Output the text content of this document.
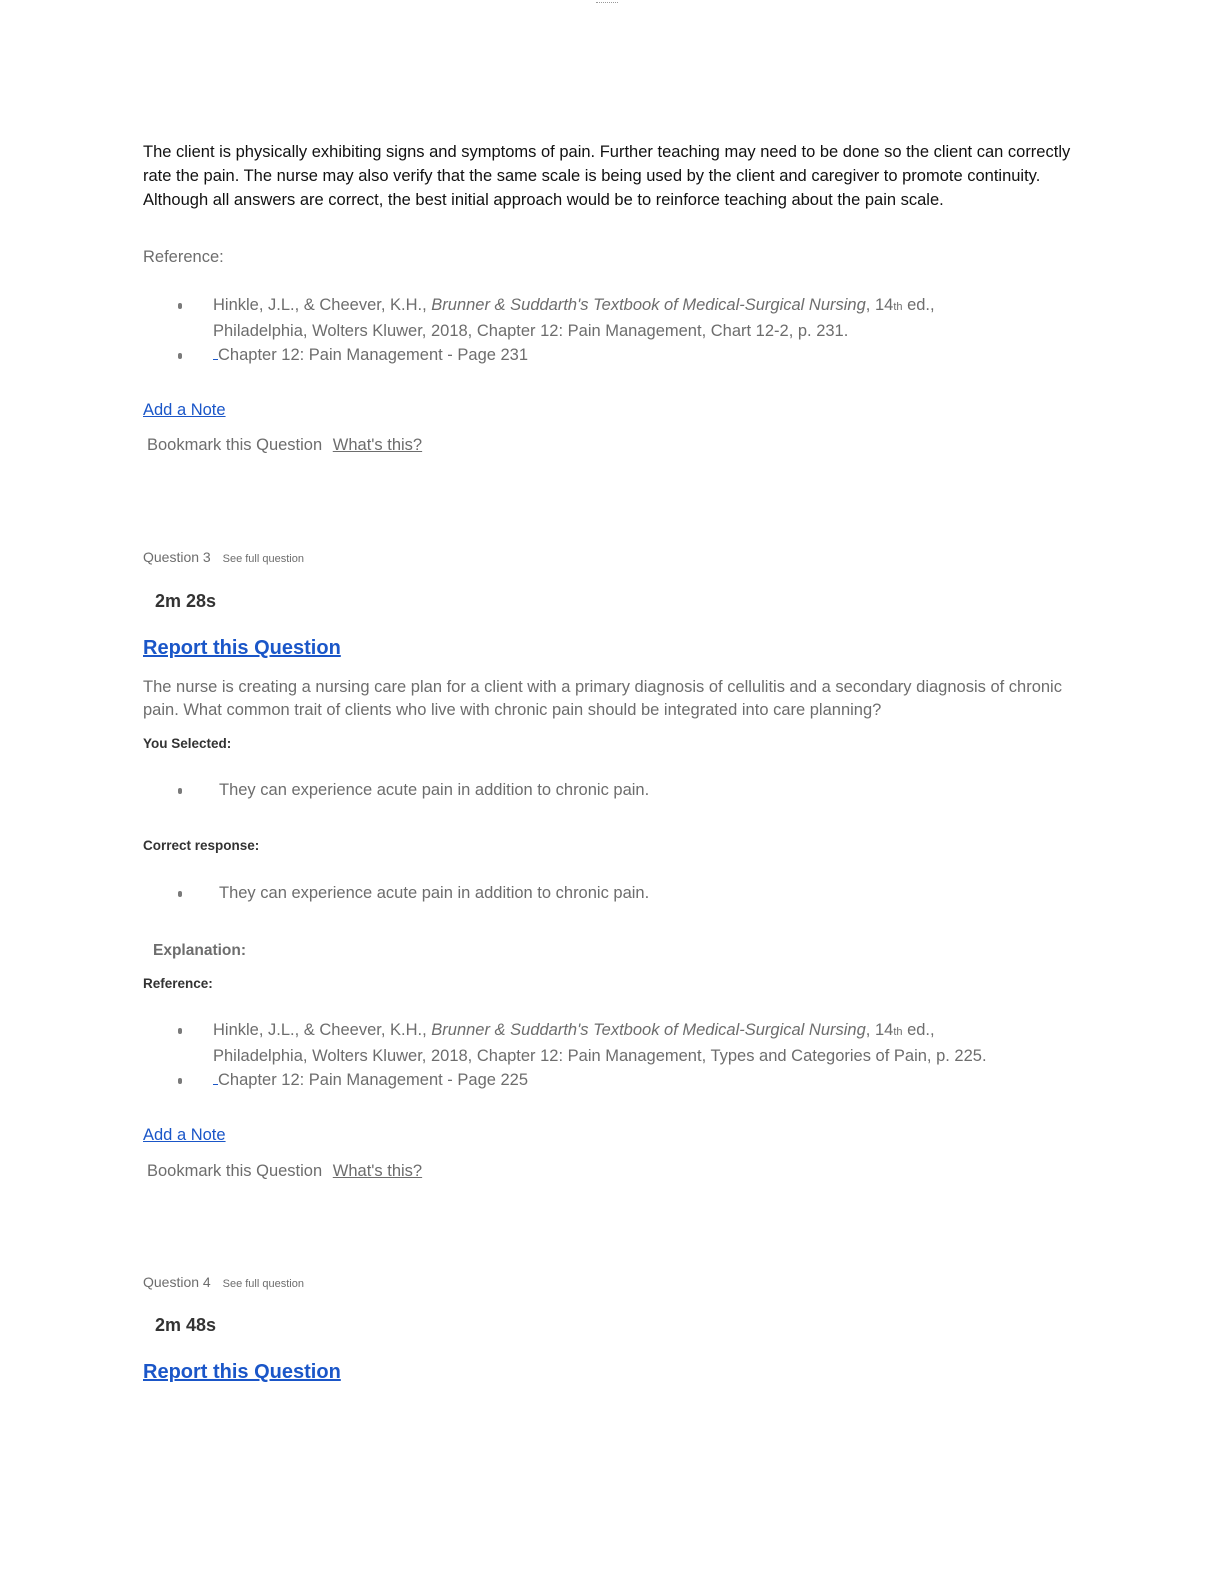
The client is physically exhibiting signs and symptoms of pain. Further teaching may need to be done so the client can correctly rate the pain. The nurse may also verify that the same scale is being used by the client and caregiver to promote continuity. Although all answers are correct, the best initial approach would be to reinforce teaching about the pain scale.
Reference:
Hinkle, J.L., & Cheever, K.H., Brunner & Suddarth's Textbook of Medical-Surgical Nursing, 14th ed.,
Philadelphia, Wolters Kluwer, 2018, Chapter 12: Pain Management, Chart 12-2, p. 231.
Chapter 12: Pain Management - Page 231
Add a Note
Bookmark this Question What's this?
Question 3 See full question
2m 28s
Report this Question
The nurse is creating a nursing care plan for a client with a primary diagnosis of cellulitis and a secondary diagnosis of chronic pain. What common trait of clients who live with chronic pain should be integrated into care planning?
You Selected:
They can experience acute pain in addition to chronic pain.
Correct response:
They can experience acute pain in addition to chronic pain.
Explanation:
Reference:
Hinkle, J.L., & Cheever, K.H., Brunner & Suddarth's Textbook of Medical-Surgical Nursing, 14th ed.,
Philadelphia, Wolters Kluwer, 2018, Chapter 12: Pain Management, Types and Categories of Pain, p. 225.
Chapter 12: Pain Management - Page 225
Add a Note
Bookmark this Question What's this?
Question 4 See full question
2m 48s
Report this Question
